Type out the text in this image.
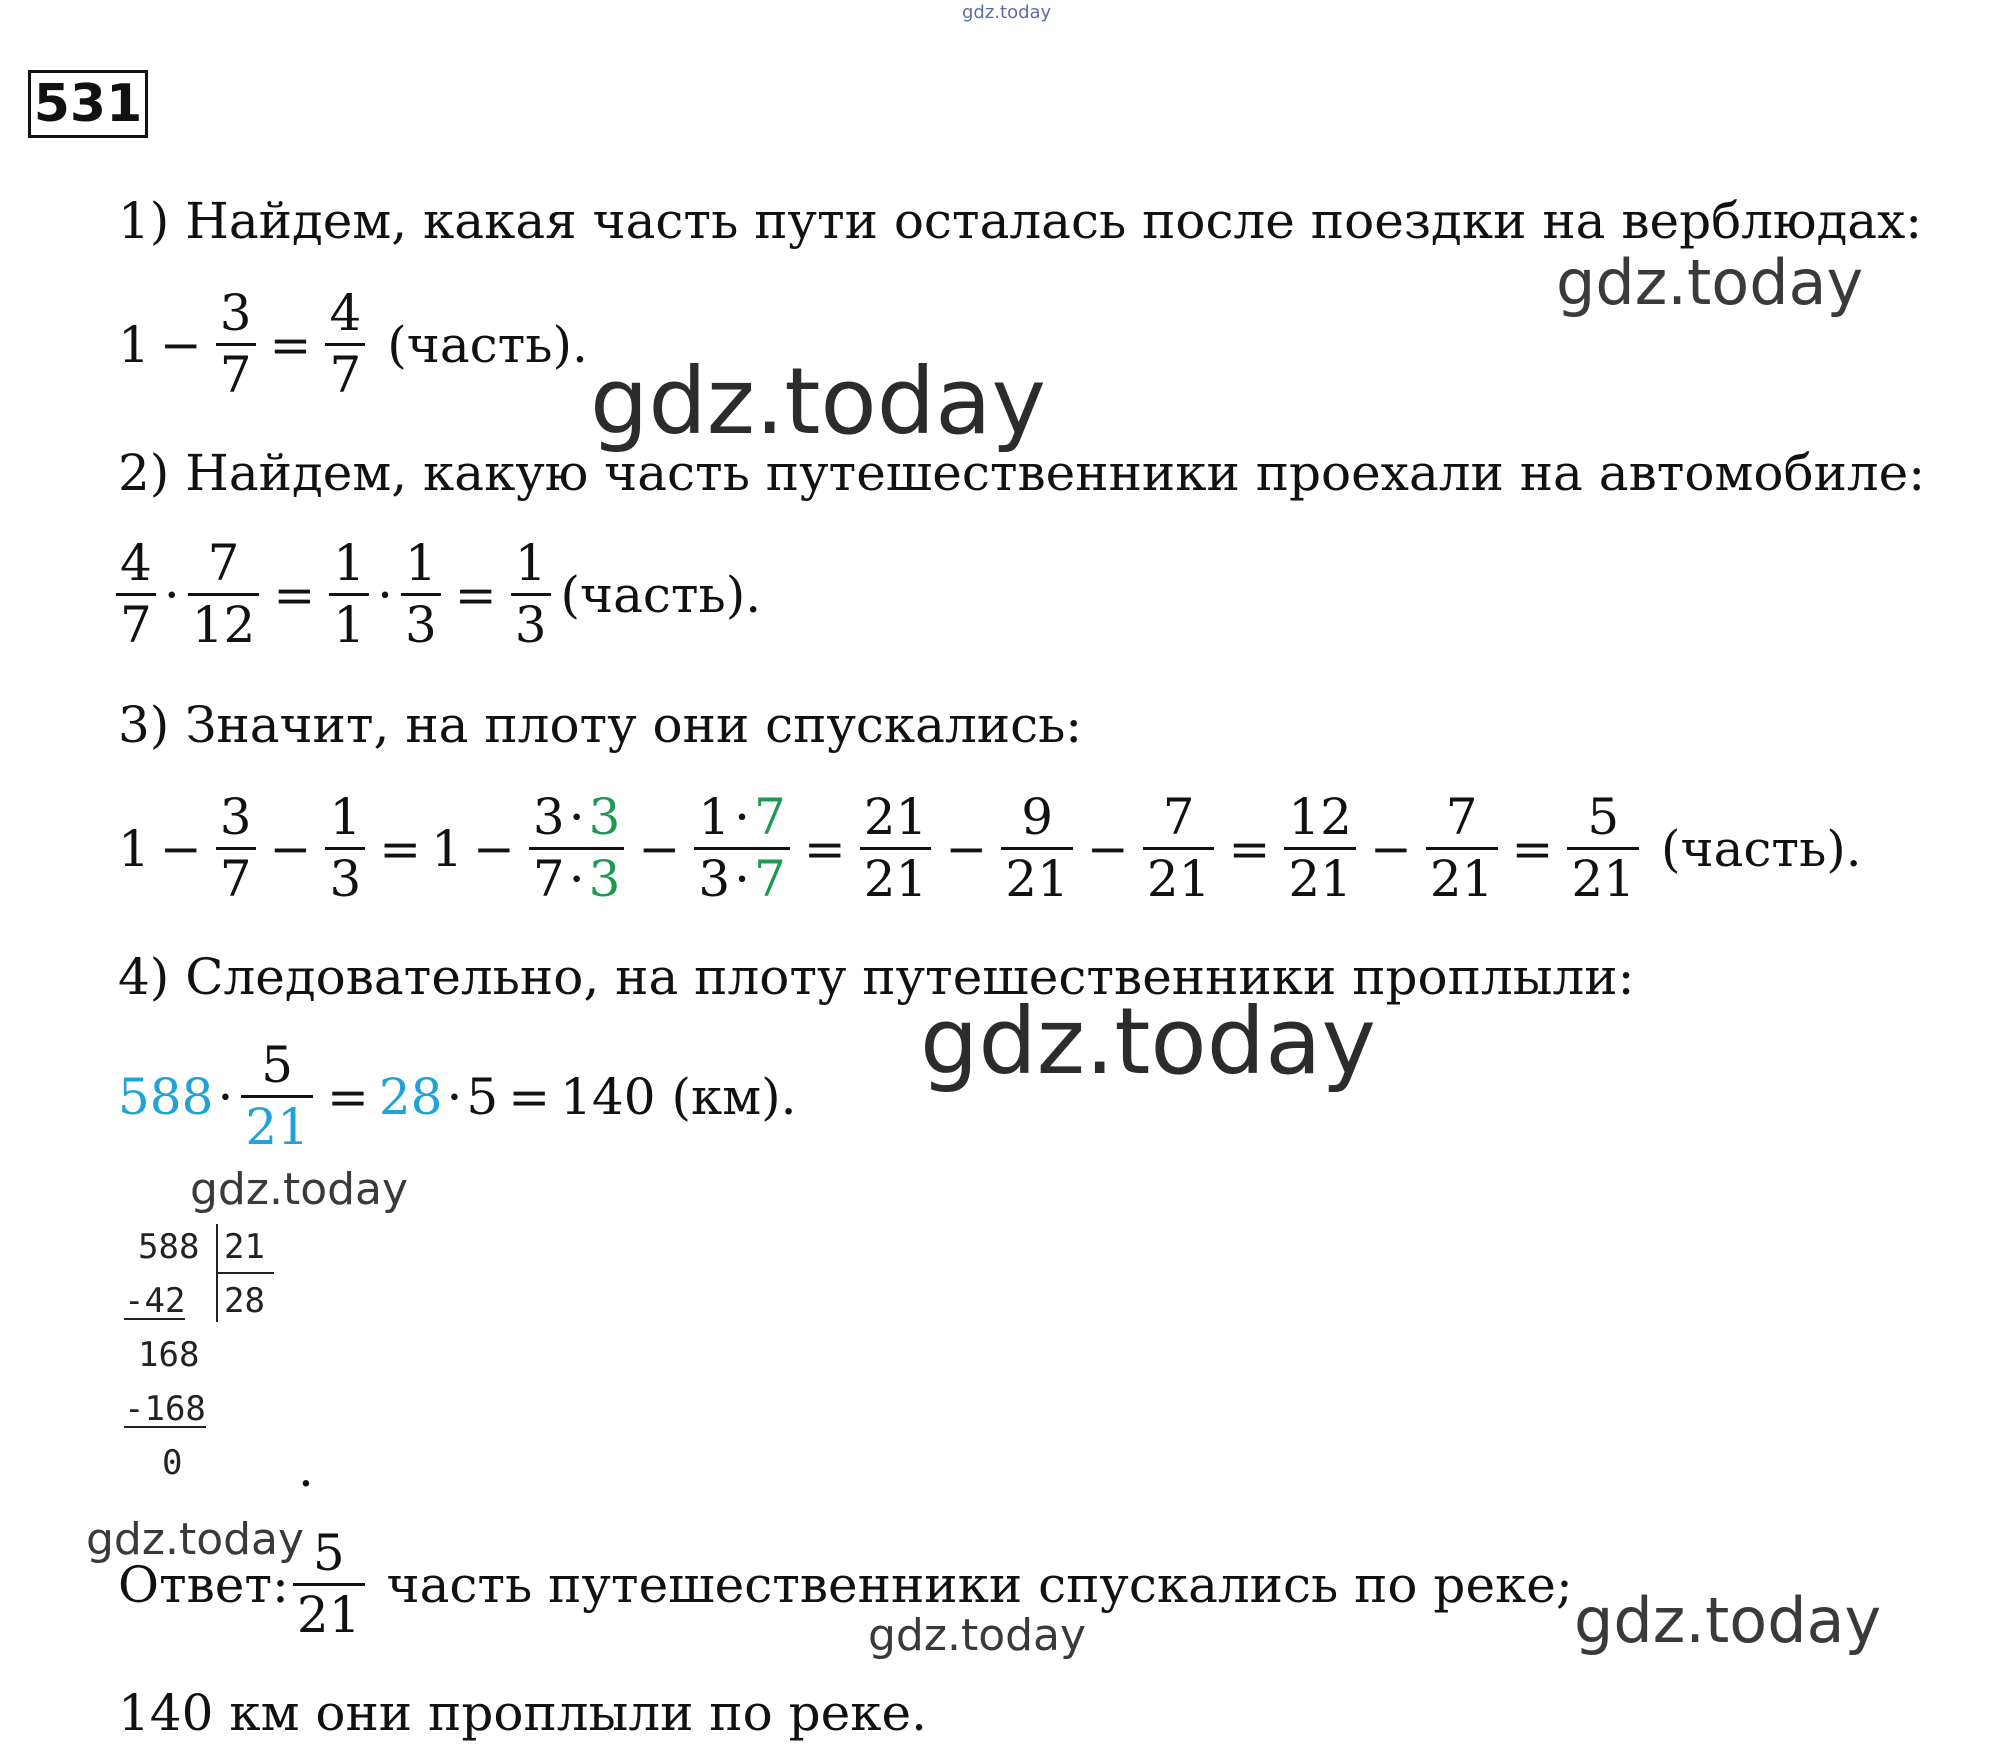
gdz.today
531
1) Найдем, какая часть пути осталась после поездки на верблюдах:
$1 - \frac{3}{7} = \frac{4}{7}$ (часть).
2) Найдем, какую часть путешественники проехали на автомобиле:
$\frac{4}{7} \cdot \frac{7}{12} = \frac{1}{1} \cdot \frac{1}{3} = \frac{1}{3}$ (часть).
3) Значит, на плоту они спускались:
$1 - \frac{3}{7} - \frac{1}{3} = 1 - \frac{3\cdot 3}{7\cdot 3} - \frac{1\cdot 7}{3\cdot 7} = \frac{21}{21} - \frac{9}{21} - \frac{7}{21} = \frac{12}{21} - \frac{7}{21} = \frac{5}{21}$ (часть).
4) Следовательно, на плоту путешественники проплыли:
$588 \cdot \frac{5}{21} = 28 \cdot 5 = 140$ (км).
588 21
-42 28
168
-168
0 .
Ответ: $\frac{5}{21}$ часть путешественники спускались по реке;
140 км они проплыли по реке.
gdz.today
gdz.today
gdz.today
gdz.today
gdz.today
gdz.today	gdz.today
